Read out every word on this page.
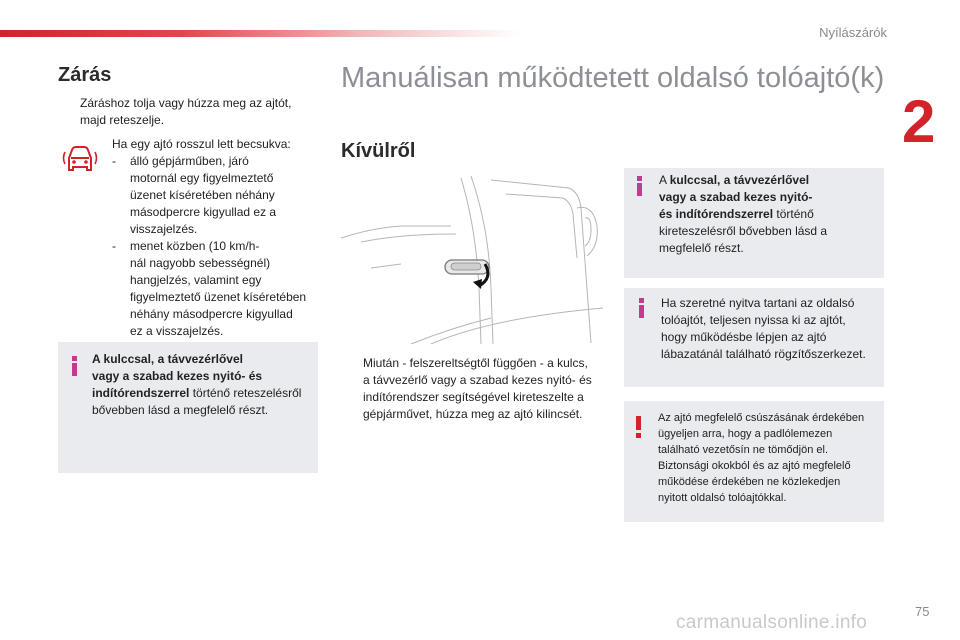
Nyílászárók
2
Zárás
Záráshoz tolja vagy húzza meg az ajtót,
majd reteszelje.
Ha egy ajtó rosszul lett becsukva:
- álló gépjárműben, járó
motornál egy figyelmeztető
üzenet kíséretében néhány
másodpercre kigyullad ez a
visszajelzés.
- menet közben (10 km/h-
nál nagyobb sebességnél)
hangjelzés, valamint egy
figyelmeztető üzenet kíséretében
néhány másodpercre kigyullad
ez a visszajelzés.
A kulccsal, a távvezérlővel
vagy a szabad kezes nyitó- és
indítórendszerrel történő reteszelésről
bővebben lásd a megfelelő részt.
Manuálisan működtetett oldalsó tolóajtó(k)
Kívülről
Miután - felszereltségtől függően - a kulcs,
a távvezérlő vagy a szabad kezes nyitó- és
indítórendszer segítségével kireteszelte a
gépjárművet, húzza meg az ajtó kilincsét.
A kulccsal, a távvezérlővel
vagy a szabad kezes nyitó-
és indítórendszerrel történő
kireteszelésről bővebben lásd a
megfelelő részt.
Ha szeretné nyitva tartani az oldalsó
tolóajtót, teljesen nyissa ki az ajtót,
hogy működésbe lépjen az ajtó
lábazatánál található rögzítőszerkezet.
Az ajtó megfelelő csúszásának érdekében
ügyeljen arra, hogy a padlólemezen
található vezetősín ne tömődjön el.
Biztonsági okokból és az ajtó megfelelő
működése érdekében ne közlekedjen
nyitott oldalsó tolóajtókkal.
75
carmanualsonline.info
